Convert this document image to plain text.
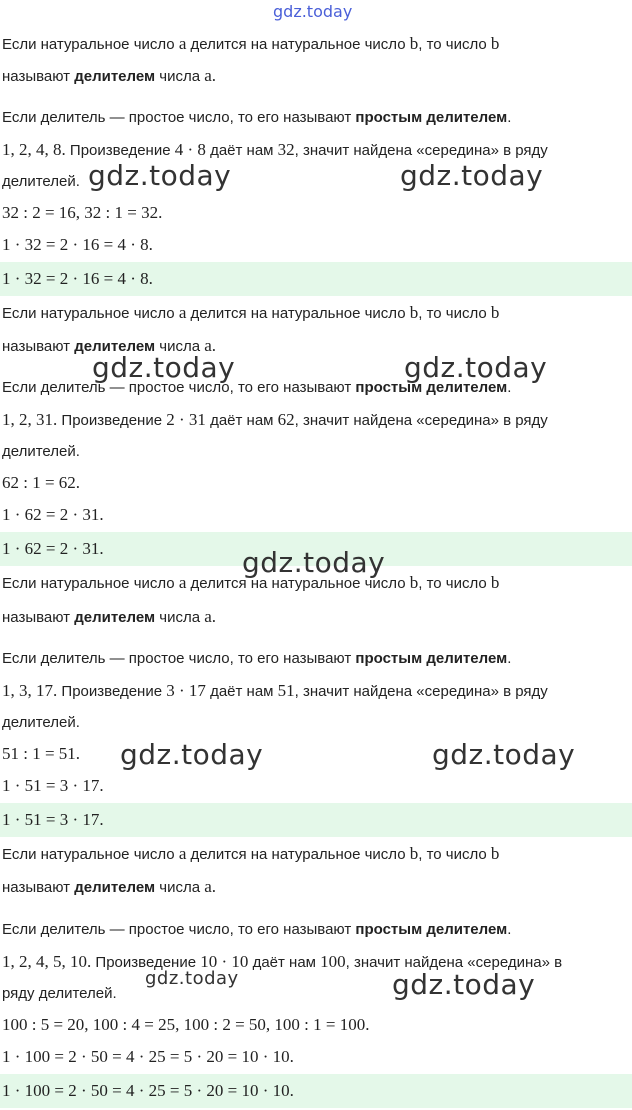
gdz.today
Если натуральное число a делится на натуральное число b, то число b
называют делителем числа a.
Если делитель — простое число, то его называют простым делителем.
1, 2, 4, 8. Произведение 4 · 8 даёт нам 32, значит найдена «середина» в ряду
делителей.
32 : 2 = 16, 32 : 1 = 32.
1 · 32 = 2 · 16 = 4 · 8.
1 · 32 = 2 · 16 = 4 · 8.
Если натуральное число a делится на натуральное число b, то число b
называют делителем числа a.
Если делитель — простое число, то его называют простым делителем.
1, 2, 31. Произведение 2 · 31 даёт нам 62, значит найдена «середина» в ряду
делителей.
62 : 1 = 62.
1 · 62 = 2 · 31.
1 · 62 = 2 · 31.
Если натуральное число a делится на натуральное число b, то число b
называют делителем числа a.
Если делитель — простое число, то его называют простым делителем.
1, 3, 17. Произведение 3 · 17 даёт нам 51, значит найдена «середина» в ряду
делителей.
51 : 1 = 51.
1 · 51 = 3 · 17.
1 · 51 = 3 · 17.
Если натуральное число a делится на натуральное число b, то число b
называют делителем числа a.
Если делитель — простое число, то его называют простым делителем.
1, 2, 4, 5, 10. Произведение 10 · 10 даёт нам 100, значит найдена «середина» в
ряду делителей.
100 : 5 = 20, 100 : 4 = 25, 100 : 2 = 50, 100 : 1 = 100.
1 · 100 = 2 · 50 = 4 · 25 = 5 · 20 = 10 · 10.
1 · 100 = 2 · 50 = 4 · 25 = 5 · 20 = 10 · 10.
gdz.today	gdz.today
gdz.today	gdz.today
gdz.today
gdz.today	gdz.today
gdz.today	gdz.today
